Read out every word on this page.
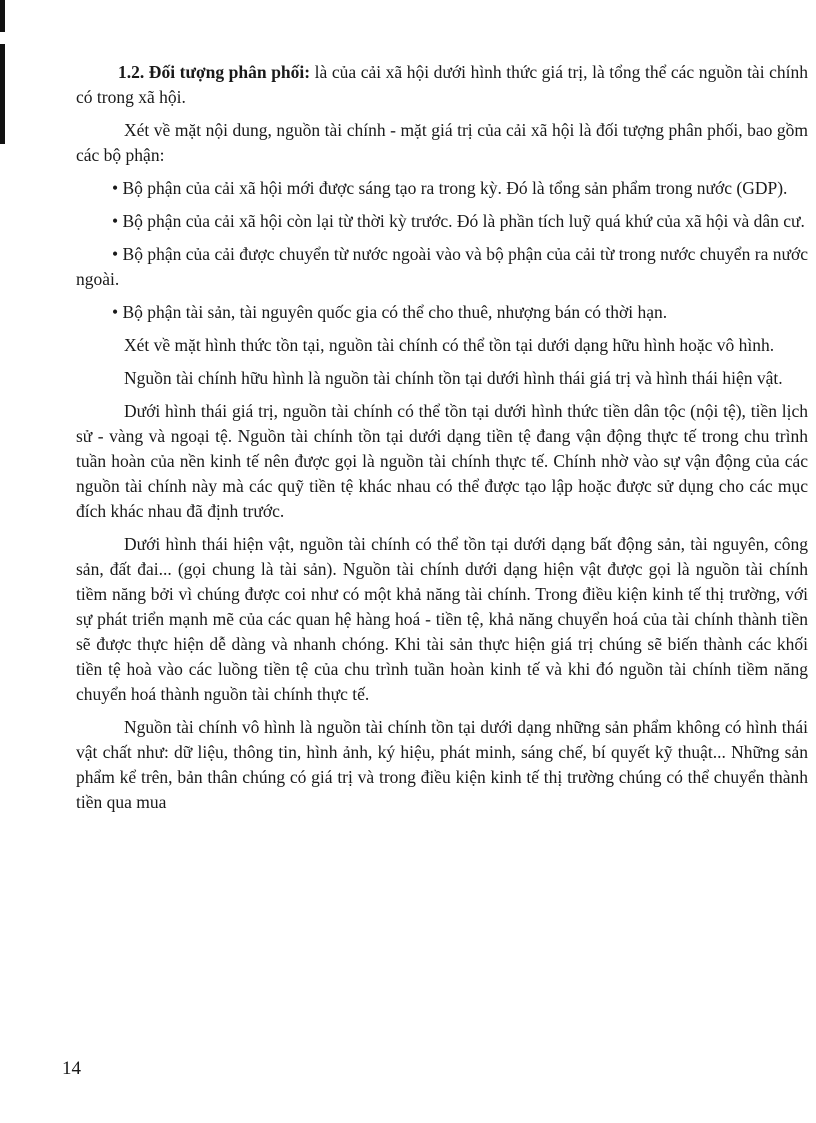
1.2. Đối tượng phân phối: là của cải xã hội dưới hình thức giá trị, là tổng thể các nguồn tài chính có trong xã hội.

Xét về mặt nội dung, nguồn tài chính - mặt giá trị của cải xã hội là đối tượng phân phối, bao gồm các bộ phận:

• Bộ phận của cải xã hội mới được sáng tạo ra trong kỳ. Đó là tổng sản phẩm trong nước (GDP).

• Bộ phận của cải xã hội còn lại từ thời kỳ trước. Đó là phần tích luỹ quá khứ của xã hội và dân cư.

• Bộ phận của cải được chuyển từ nước ngoài vào và bộ phận của cải từ trong nước chuyển ra nước ngoài.

• Bộ phận tài sản, tài nguyên quốc gia có thể cho thuê, nhượng bán có thời hạn.

Xét về mặt hình thức tồn tại, nguồn tài chính có thể tồn tại dưới dạng hữu hình hoặc vô hình.

Nguồn tài chính hữu hình là nguồn tài chính tồn tại dưới hình thái giá trị và hình thái hiện vật.

Dưới hình thái giá trị, nguồn tài chính có thể tồn tại dưới hình thức tiền dân tộc (nội tệ), tiền lịch sử - vàng và ngoại tệ. Nguồn tài chính tồn tại dưới dạng tiền tệ đang vận động thực tế trong chu trình tuần hoàn của nền kinh tế nên được gọi là nguồn tài chính thực tế. Chính nhờ vào sự vận động của các nguồn tài chính này mà các quỹ tiền tệ khác nhau có thể được tạo lập hoặc được sử dụng cho các mục đích khác nhau đã định trước.

Dưới hình thái hiện vật, nguồn tài chính có thể tồn tại dưới dạng bất động sản, tài nguyên, công sản, đất đai... (gọi chung là tài sản). Nguồn tài chính dưới dạng hiện vật được gọi là nguồn tài chính tiềm năng bởi vì chúng được coi như có một khả năng tài chính. Trong điều kiện kinh tế thị trường, với sự phát triển mạnh mẽ của các quan hệ hàng hoá - tiền tệ, khả năng chuyển hoá của tài chính thành tiền sẽ được thực hiện dễ dàng và nhanh chóng. Khi tài sản thực hiện giá trị chúng sẽ biến thành các khối tiền tệ hoà vào các luồng tiền tệ của chu trình tuần hoàn kinh tế và khi đó nguồn tài chính tiềm năng chuyển hoá thành nguồn tài chính thực tế.

Nguồn tài chính vô hình là nguồn tài chính tồn tại dưới dạng những sản phẩm không có hình thái vật chất như: dữ liệu, thông tin, hình ảnh, ký hiệu, phát minh, sáng chế, bí quyết kỹ thuật... Những sản phẩm kể trên, bản thân chúng có giá trị và trong điều kiện kinh tế thị trường chúng có thể chuyển thành tiền qua mua

14
